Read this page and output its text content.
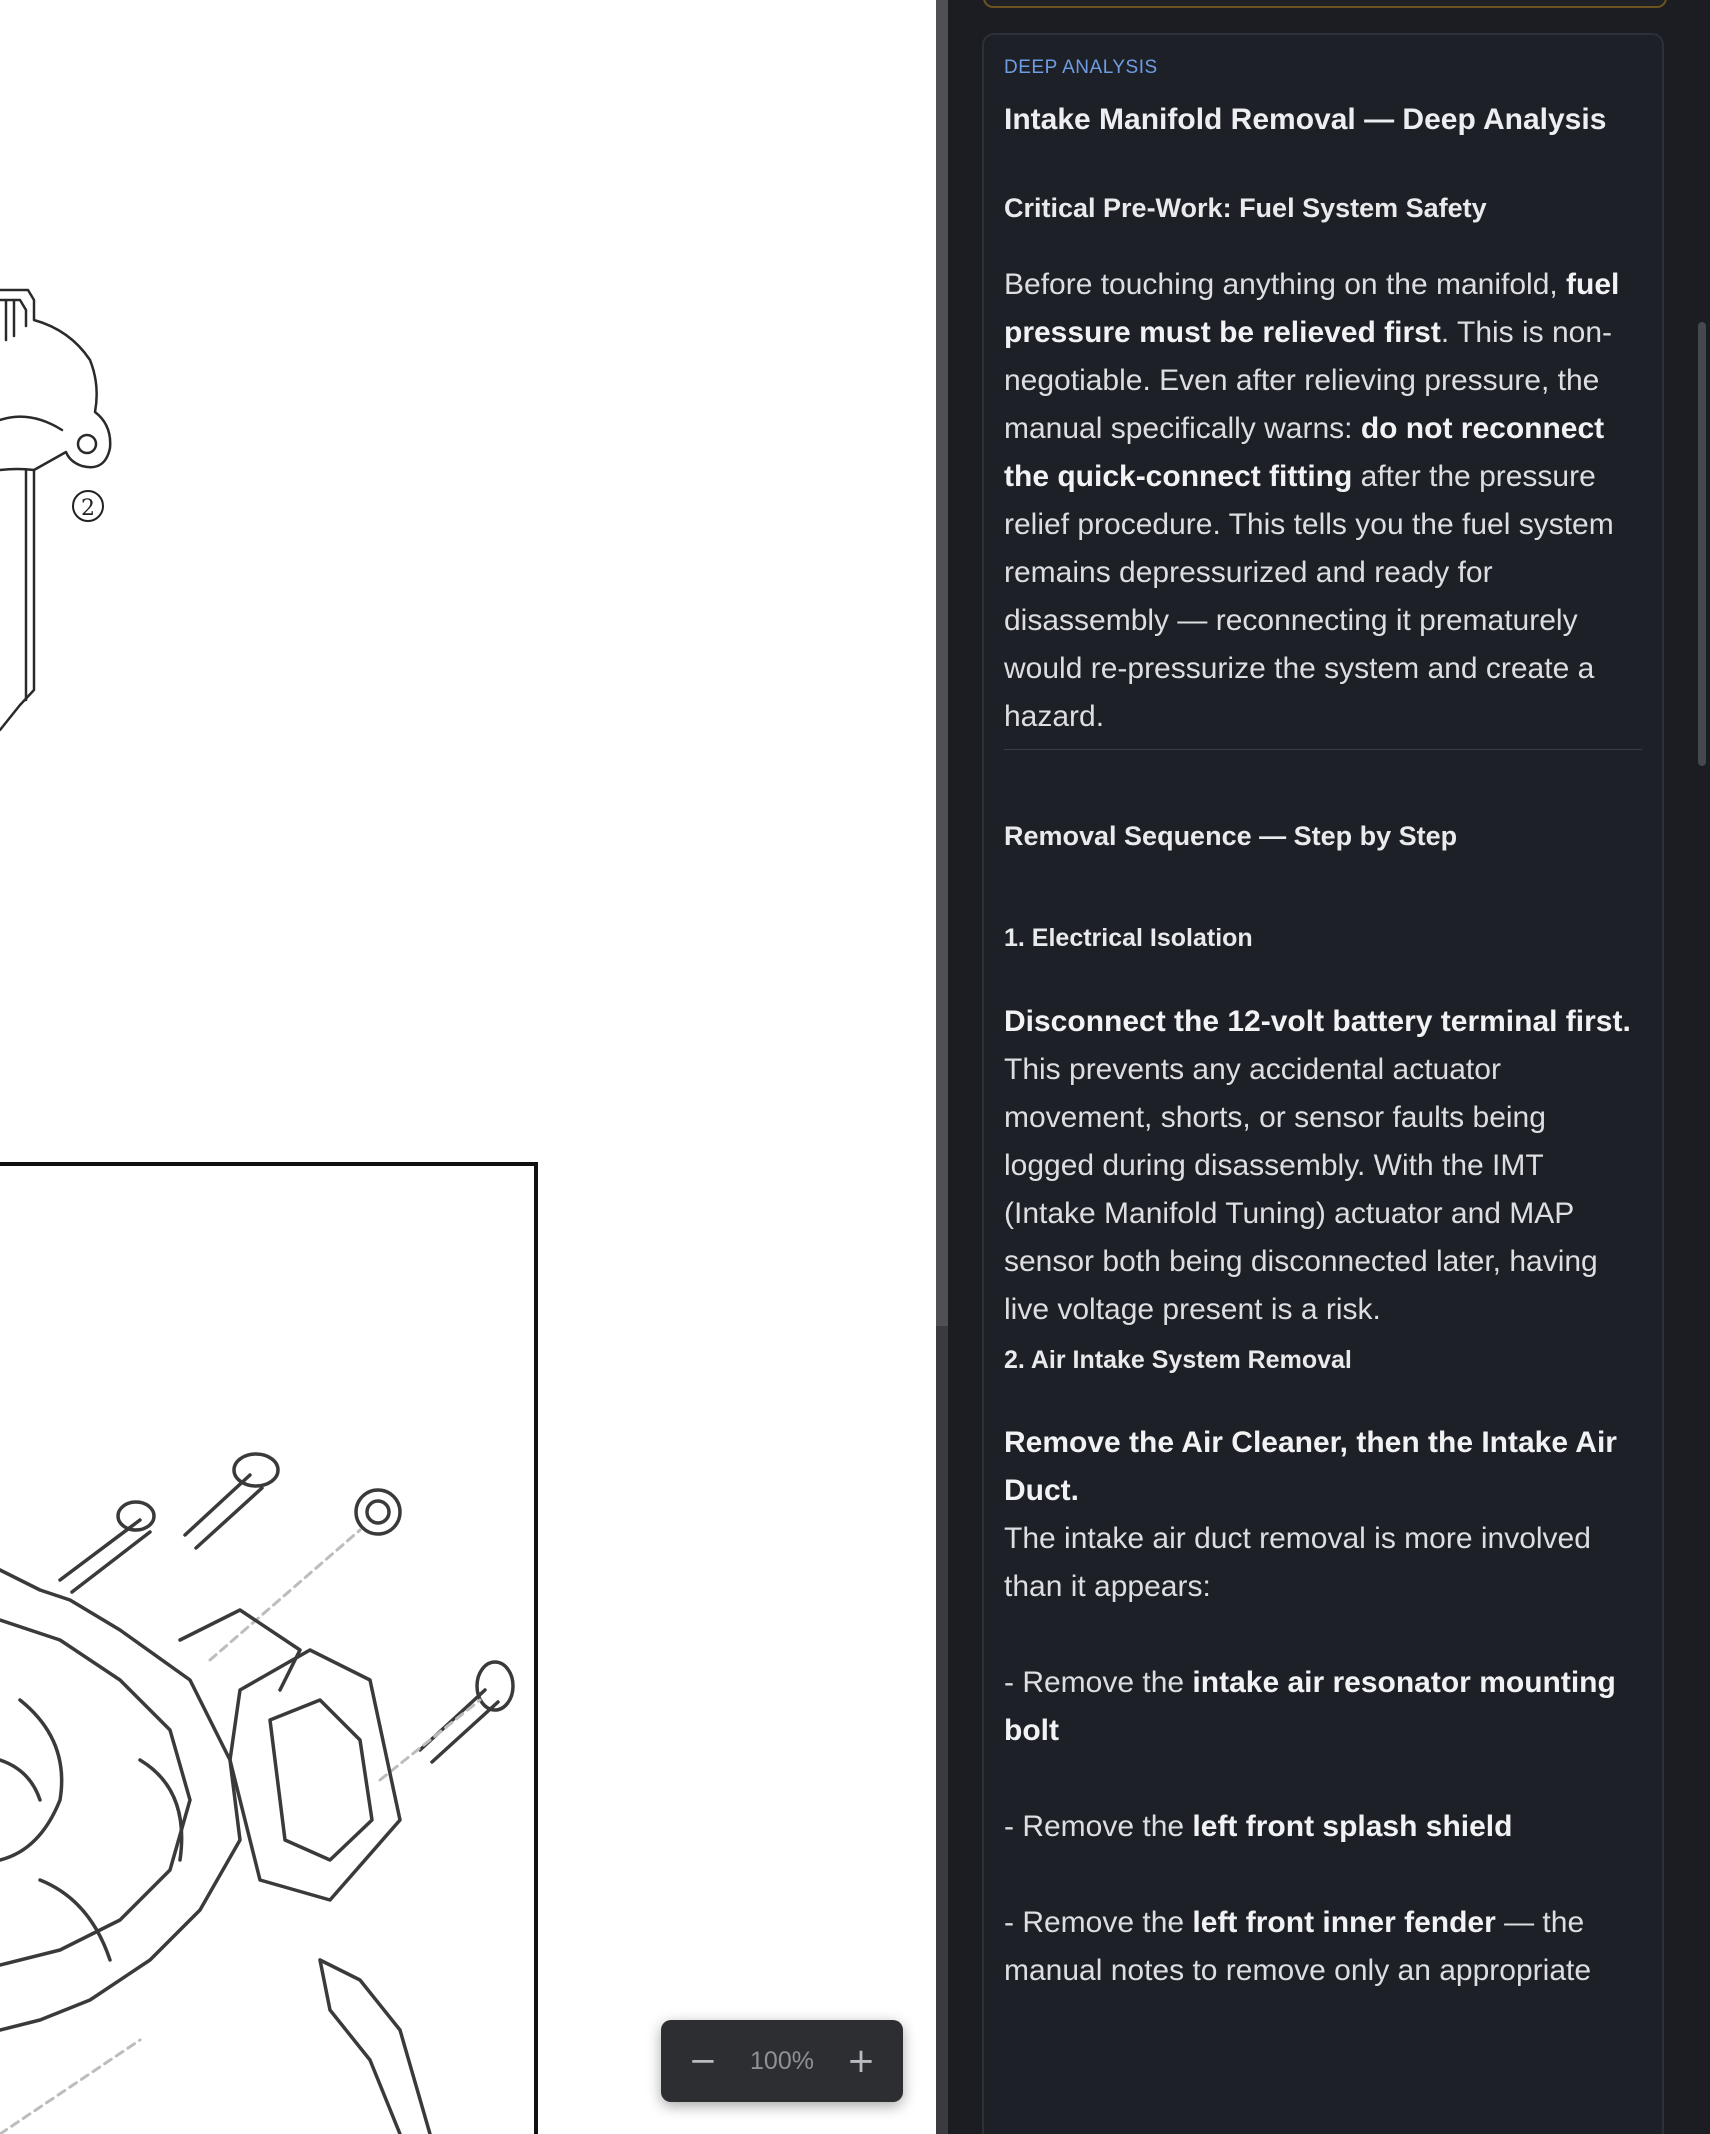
2
− 100% +
DEEP ANALYSIS
Intake Manifold Removal — Deep Analysis
Critical Pre-Work: Fuel System Safety

Before touching anything on the manifold, fuel pressure must be relieved first. This is non-negotiable. Even after relieving pressure, the manual specifically warns: do not reconnect the quick-connect fitting after the pressure relief procedure. This tells you the fuel system remains depressurized and ready for disassembly — reconnecting it prematurely would re-pressurize the system and create a hazard.

Removal Sequence — Step by Step
1. Electrical Isolation

Disconnect the 12-volt battery terminal first.
This prevents any accidental actuator movement, shorts, or sensor faults being logged during disassembly. With the IMT (Intake Manifold Tuning) actuator and MAP sensor both being disconnected later, having live voltage present is a risk.

2. Air Intake System Removal

Remove the Air Cleaner, then the Intake Air Duct.
The intake air duct removal is more involved than it appears:

- Remove the intake air resonator mounting bolt

- Remove the left front splash shield

- Remove the left front inner fender — the manual notes to remove only an appropriate
